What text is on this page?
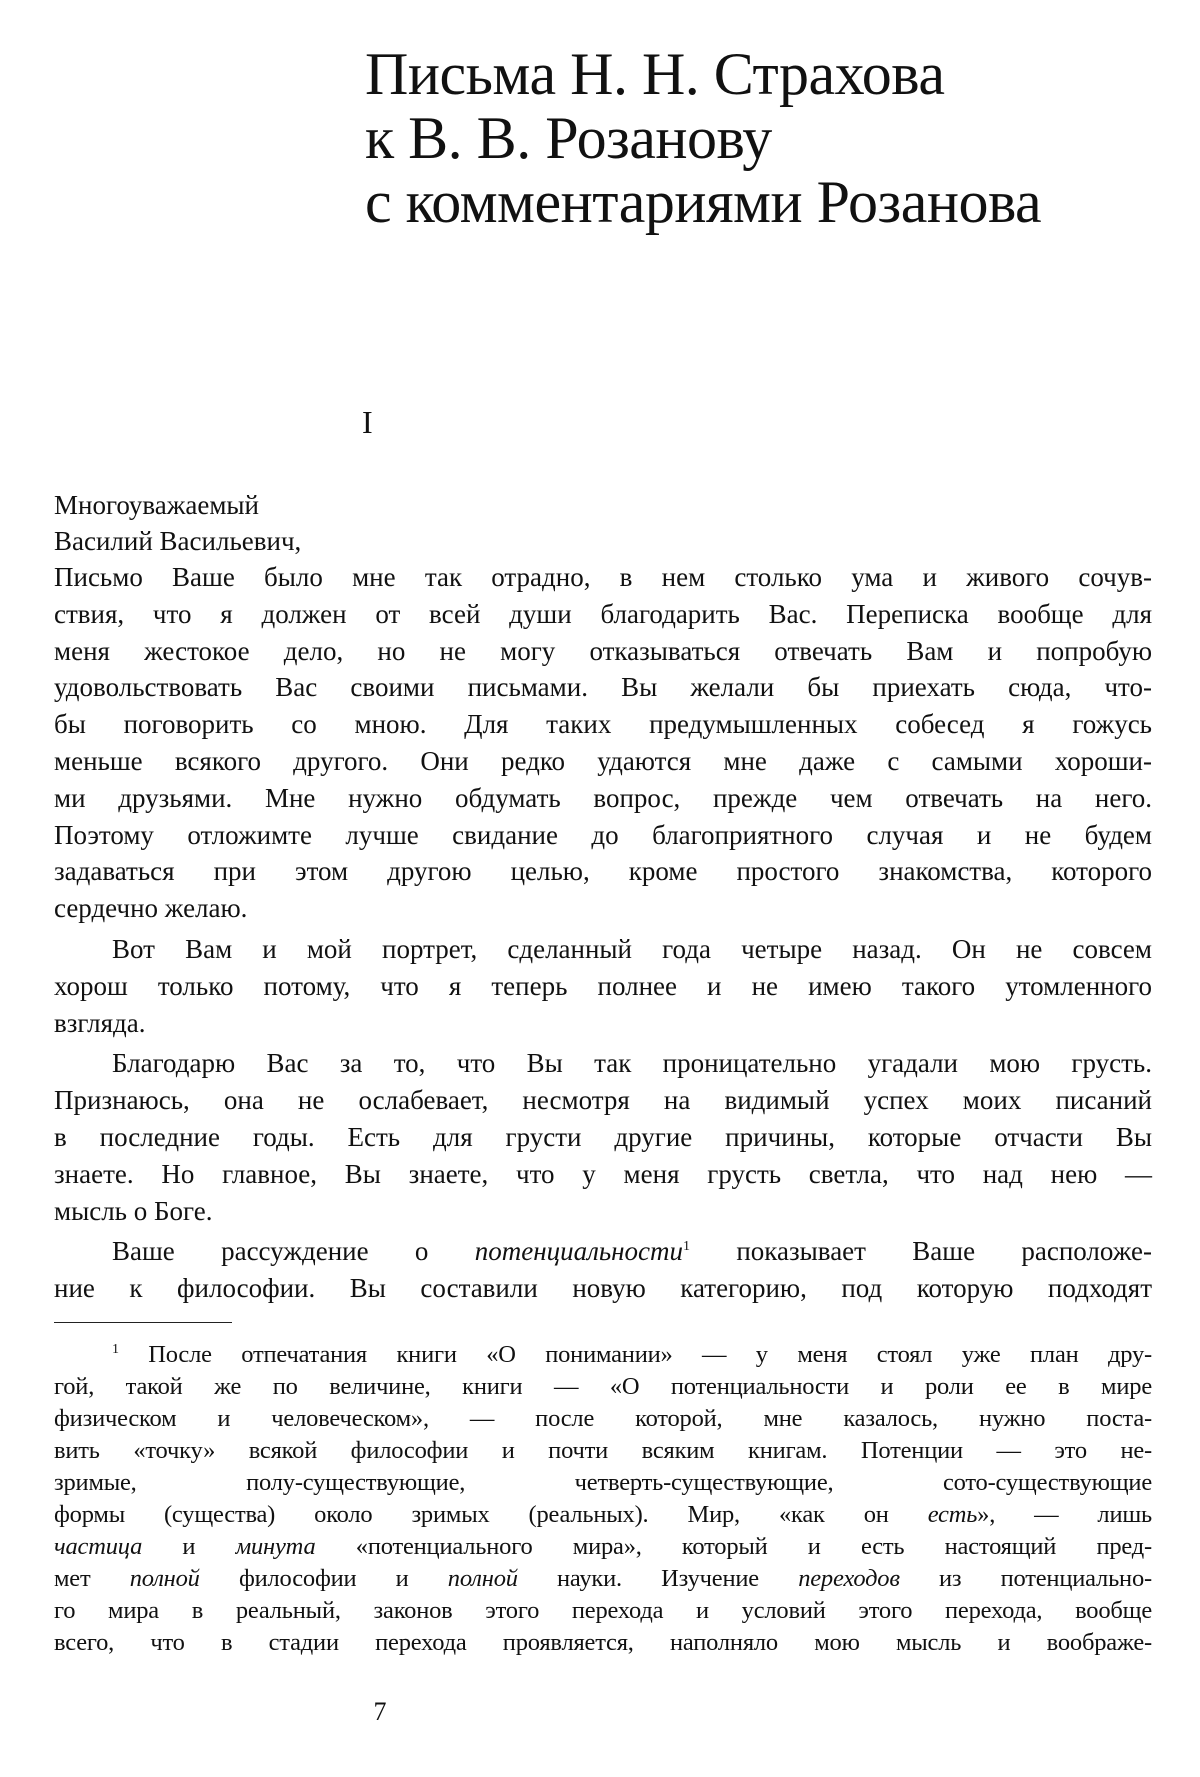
Письма Н. Н. Страхова
к В. В. Розанову
с комментариями Розанова
I
Многоуважаемый
Василий Васильевич,
Письмо Ваше было мне так отрадно, в нем столько ума и живого сочув-
ствия, что я должен от всей души благодарить Вас. Переписка вообще для
меня жестокое дело, но не могу отказываться отвечать Вам и попробую
удовольствовать Вас своими письмами. Вы желали бы приехать сюда, что-
бы поговорить со мною. Для таких предумышленных собесед я гожусь
меньше всякого другого. Они редко удаются мне даже с самыми хороши-
ми друзьями. Мне нужно обдумать вопрос, прежде чем отвечать на него.
Поэтому отложимте лучше свидание до благоприятного случая и не будем
задаваться при этом другою целью, кроме простого знакомства, которого
сердечно желаю.
Вот Вам и мой портрет, сделанный года четыре назад. Он не совсем
хорош только потому, что я теперь полнее и не имею такого утомленного
взгляда.
Благодарю Вас за то, что Вы так проницательно угадали мою грусть.
Признаюсь, она не ослабевает, несмотря на видимый успех моих писаний
в последние годы. Есть для грусти другие причины, которые отчасти Вы
знаете. Но главное, Вы знаете, что у меня грусть светла, что над нею —
мысль о Боге.
Ваше рассуждение о потенциальности$^1$ показывает Ваше расположе-
ние к философии. Вы составили новую категорию, под которую подходят
$^1$ После отпечатания книги «О понимании» — у меня стоял уже план дру-
гой, такой же по величине, книги — «О потенциальности и роли ее в мире
физическом и человеческом», — после которой, мне казалось, нужно поста-
вить «точку» всякой философии и почти всяким книгам. Потенции — это не-
зримые, полу-существующие, четверть-существующие, сото-существующие
формы (существа) около зримых (реальных). Мир, «как он есть», — лишь
частица и минута «потенциального мира», который и есть настоящий пред-
мет полной философии и полной науки. Изучение переходов из потенциально-
го мира в реальный, законов этого перехода и условий этого перехода, вообще
всего, что в стадии перехода проявляется, наполняло мою мысль и воображе-
7
